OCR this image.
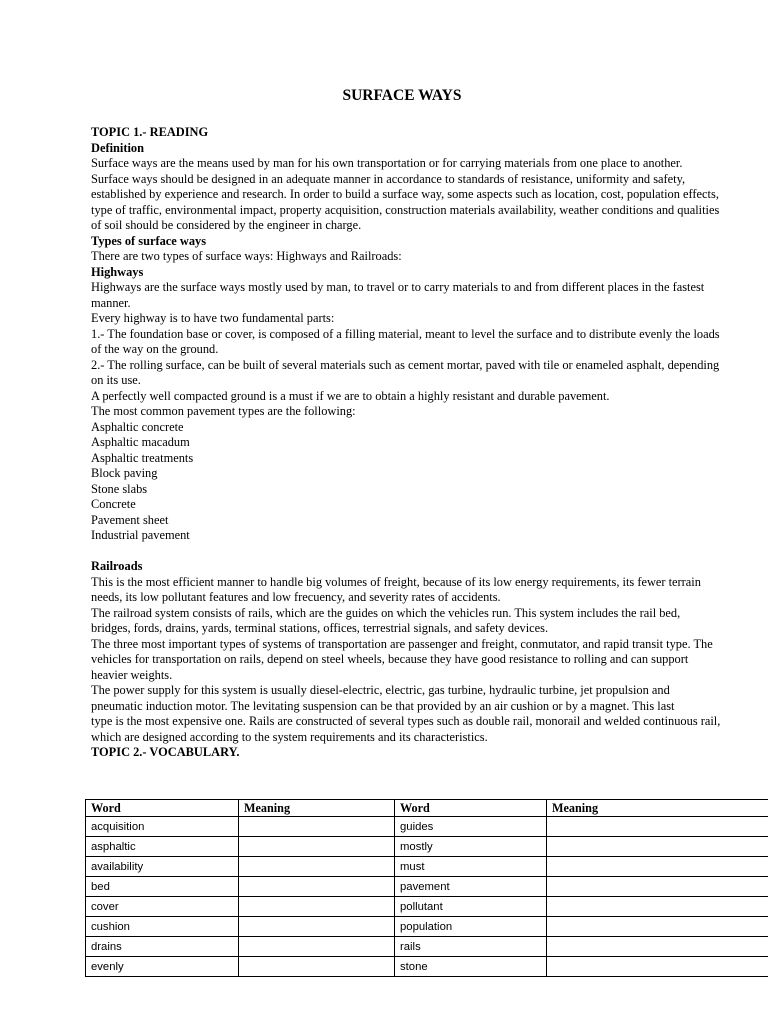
SURFACE WAYS

TOPIC 1.- READING

Definition

Surface ways are the means used by man for his own transportation or for carrying materials from one place to another.

Surface ways should be designed in an adequate manner in accordance to standards of resistance, uniformity and safety, established by experience and research. In order to build a surface way, some aspects such as location, cost, population effects, type of traffic, environmental impact, property acquisition, construction materials availability, weather conditions and qualities of soil should be considered by the engineer in charge.

Types of surface ways

There are two types of surface ways: Highways and Railroads:

Highways

Highways are the surface ways mostly used by man, to travel or to carry materials to and from different places in the fastest manner.

Every highway is to have two fundamental parts:

1.- The foundation base or cover, is composed of a filling material, meant to level the surface and to distribute evenly the loads of the way on the ground.

2.- The rolling surface, can be built of several materials such as cement mortar, paved with tile or enameled asphalt, depending on its use.

A perfectly well compacted ground is a must if we are to obtain a highly resistant and durable pavement.

The most common pavement types are the following:

Asphaltic concrete

Asphaltic macadum

Asphaltic treatments

Block paving

Stone slabs

Concrete

Pavement sheet

Industrial pavement

Railroads

This is the most efficient manner to handle big volumes of freight, because of its low energy requirements, its fewer terrain needs, its low pollutant features and low frecuency, and severity rates of accidents.

The railroad system consists of rails, which are the guides on which the vehicles run. This system includes the rail bed, bridges, fords, drains, yards, terminal stations, offices, terrestrial signals, and safety devices.

The three most important types of systems of transportation are passenger and freight, conmutator, and rapid transit type. The vehicles for transportation on rails, depend on steel wheels, because they have good resistance to rolling and can support heavier weights.

The power supply for this system is usually diesel-electric, electric, gas turbine, hydraulic turbine, jet propulsion and pneumatic induction motor. The levitating suspension can be that provided by an air cushion or by a magnet. This last

type is the most expensive one. Rails are constructed of several types such as double rail, monorail and welded continuous rail, which are designed according to the system requirements and its characteristics.

TOPIC 2.- VOCABULARY.

Word	Meaning	Word	Meaning
acquisition		guides	
asphaltic		mostly	
availability		must	
bed		pavement	
cover		pollutant	
cushion		population	
drains		rails	
evenly		stone	
